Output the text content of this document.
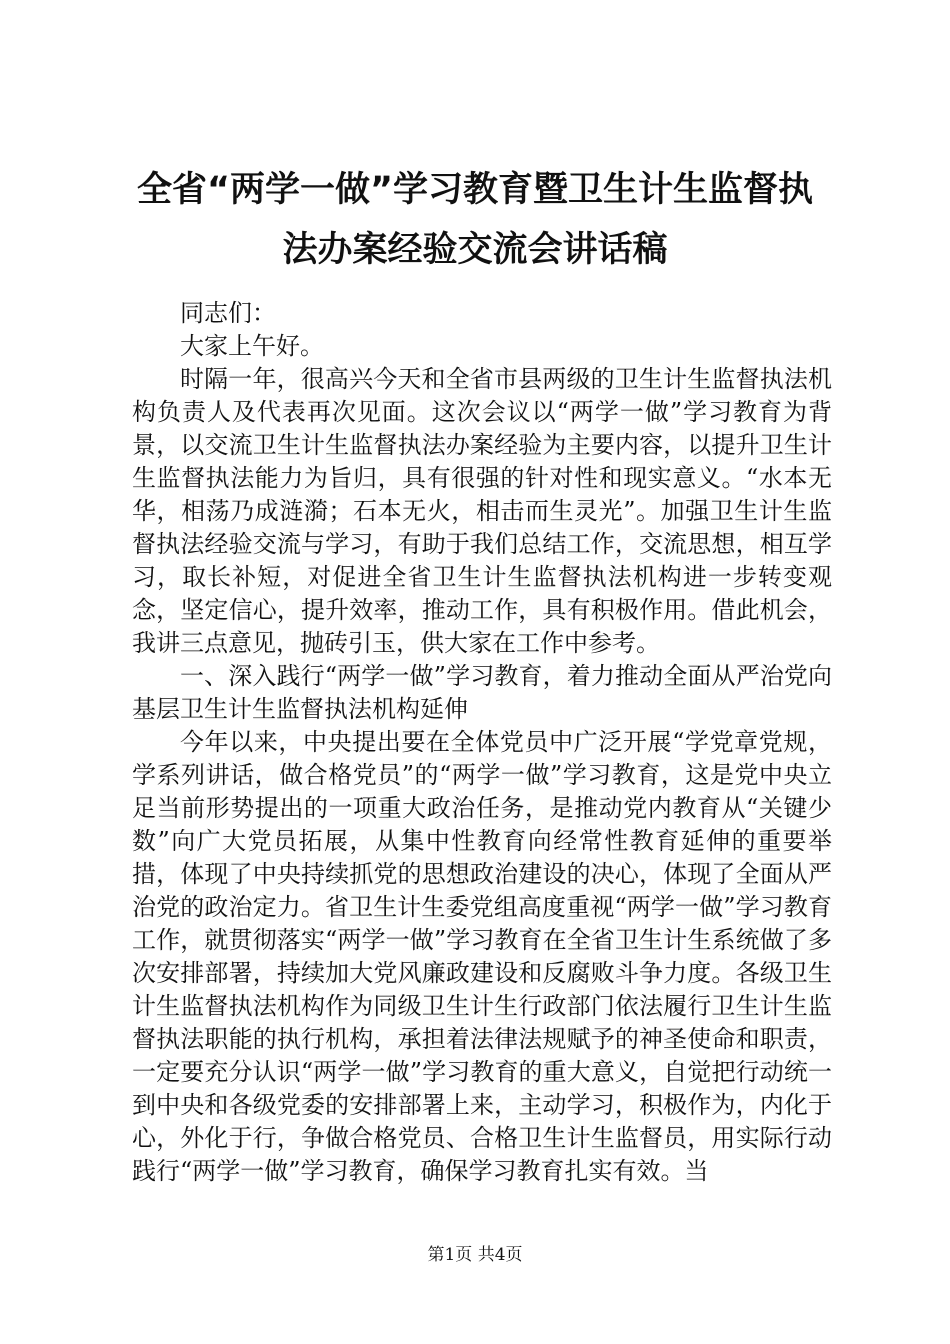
全省“两学一做”学习教育暨卫生计生监督执
法办案经验交流会讲话稿

同志们：

大家上午好。

时隔一年，很高兴今天和全省市县两级的卫生计生监督执法机构负责人及代表再次见面。这次会议以“两学一做”学习教育为背景，以交流卫生计生监督执法办案经验为主要内容，以提升卫生计生监督执法能力为旨归，具有很强的针对性和现实意义。“水本无华，相荡乃成涟漪；石本无火，相击而生灵光”。加强卫生计生监督执法经验交流与学习，有助于我们总结工作，交流思想，相互学习，取长补短，对促进全省卫生计生监督执法机构进一步转变观念，坚定信心，提升效率，推动工作，具有积极作用。借此机会，我讲三点意见，抛砖引玉，供大家在工作中参考。

一、深入践行“两学一做”学习教育，着力推动全面从严治党向基层卫生计生监督执法机构延伸

今年以来，中央提出要在全体党员中广泛开展“学党章党规，学系列讲话，做合格党员”的“两学一做”学习教育，这是党中央立足当前形势提出的一项重大政治任务，是推动党内教育从“关键少数”向广大党员拓展，从集中性教育向经常性教育延伸的重要举措，体现了中央持续抓党的思想政治建设的决心，体现了全面从严治党的政治定力。省卫生计生委党组高度重视“两学一做”学习教育工作，就贯彻落实“两学一做”学习教育在全省卫生计生系统做了多次安排部署，持续加大党风廉政建设和反腐败斗争力度。各级卫生计生监督执法机构作为同级卫生计生行政部门依法履行卫生计生监督执法职能的执行机构，承担着法律法规赋予的神圣使命和职责，一定要充分认识“两学一做”学习教育的重大意义，自觉把行动统一到中央和各级党委的安排部署上来，主动学习，积极作为，内化于心，外化于行，争做合格党员、合格卫生计生监督员，用实际行动践行“两学一做”学习教育，确保学习教育扎实有效。当

第1页 共4页
